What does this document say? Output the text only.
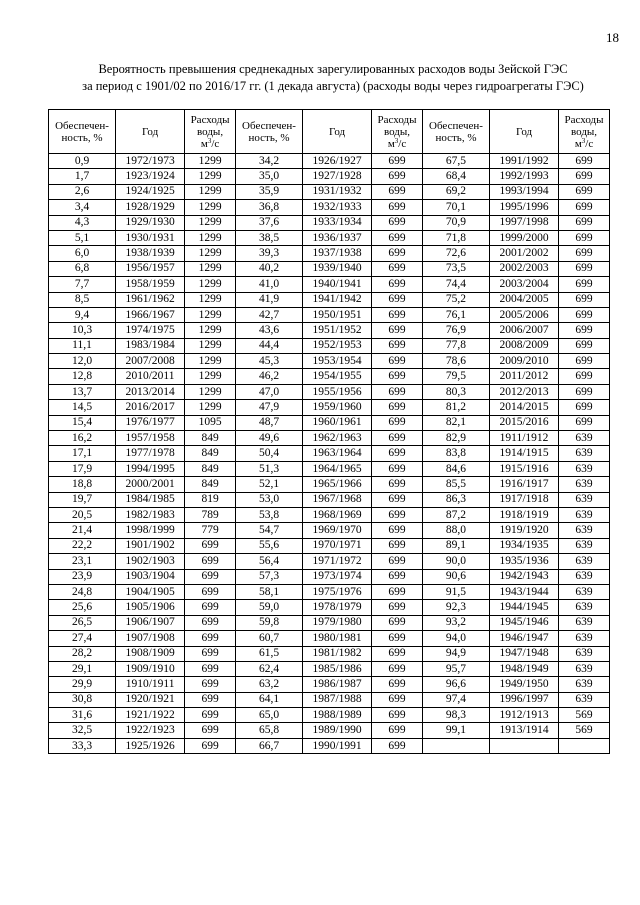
18
Вероятность превышения среднекадных зарегулированных расходов воды Зейской ГЭС
за период с 1901/02 по 2016/17 гг. (1 декада августа) (расходы воды через гидроагрегаты ГЭС)
Обеспечен-
ность, %	Год	Расходы
воды,
$м^3/с$	Обеспечен-
ность, %	Год	Расходы
воды,
$м^3/с$	Обеспечен-
ность, %	Год	Расходы
воды,
$м^3/с$
0,9	1972/1973	1299	34,2	1926/1927	699	67,5	1991/1992	699
1,7	1923/1924	1299	35,0	1927/1928	699	68,4	1992/1993	699
2,6	1924/1925	1299	35,9	1931/1932	699	69,2	1993/1994	699
3,4	1928/1929	1299	36,8	1932/1933	699	70,1	1995/1996	699
4,3	1929/1930	1299	37,6	1933/1934	699	70,9	1997/1998	699
5,1	1930/1931	1299	38,5	1936/1937	699	71,8	1999/2000	699
6,0	1938/1939	1299	39,3	1937/1938	699	72,6	2001/2002	699
6,8	1956/1957	1299	40,2	1939/1940	699	73,5	2002/2003	699
7,7	1958/1959	1299	41,0	1940/1941	699	74,4	2003/2004	699
8,5	1961/1962	1299	41,9	1941/1942	699	75,2	2004/2005	699
9,4	1966/1967	1299	42,7	1950/1951	699	76,1	2005/2006	699
10,3	1974/1975	1299	43,6	1951/1952	699	76,9	2006/2007	699
11,1	1983/1984	1299	44,4	1952/1953	699	77,8	2008/2009	699
12,0	2007/2008	1299	45,3	1953/1954	699	78,6	2009/2010	699
12,8	2010/2011	1299	46,2	1954/1955	699	79,5	2011/2012	699
13,7	2013/2014	1299	47,0	1955/1956	699	80,3	2012/2013	699
14,5	2016/2017	1299	47,9	1959/1960	699	81,2	2014/2015	699
15,4	1976/1977	1095	48,7	1960/1961	699	82,1	2015/2016	699
16,2	1957/1958	849	49,6	1962/1963	699	82,9	1911/1912	639
17,1	1977/1978	849	50,4	1963/1964	699	83,8	1914/1915	639
17,9	1994/1995	849	51,3	1964/1965	699	84,6	1915/1916	639
18,8	2000/2001	849	52,1	1965/1966	699	85,5	1916/1917	639
19,7	1984/1985	819	53,0	1967/1968	699	86,3	1917/1918	639
20,5	1982/1983	789	53,8	1968/1969	699	87,2	1918/1919	639
21,4	1998/1999	779	54,7	1969/1970	699	88,0	1919/1920	639
22,2	1901/1902	699	55,6	1970/1971	699	89,1	1934/1935	639
23,1	1902/1903	699	56,4	1971/1972	699	90,0	1935/1936	639
23,9	1903/1904	699	57,3	1973/1974	699	90,6	1942/1943	639
24,8	1904/1905	699	58,1	1975/1976	699	91,5	1943/1944	639
25,6	1905/1906	699	59,0	1978/1979	699	92,3	1944/1945	639
26,5	1906/1907	699	59,8	1979/1980	699	93,2	1945/1946	639
27,4	1907/1908	699	60,7	1980/1981	699	94,0	1946/1947	639
28,2	1908/1909	699	61,5	1981/1982	699	94,9	1947/1948	639
29,1	1909/1910	699	62,4	1985/1986	699	95,7	1948/1949	639
29,9	1910/1911	699	63,2	1986/1987	699	96,6	1949/1950	639
30,8	1920/1921	699	64,1	1987/1988	699	97,4	1996/1997	639
31,6	1921/1922	699	65,0	1988/1989	699	98,3	1912/1913	569
32,5	1922/1923	699	65,8	1989/1990	699	99,1	1913/1914	569
33,3	1925/1926	699	66,7	1990/1991	699			
